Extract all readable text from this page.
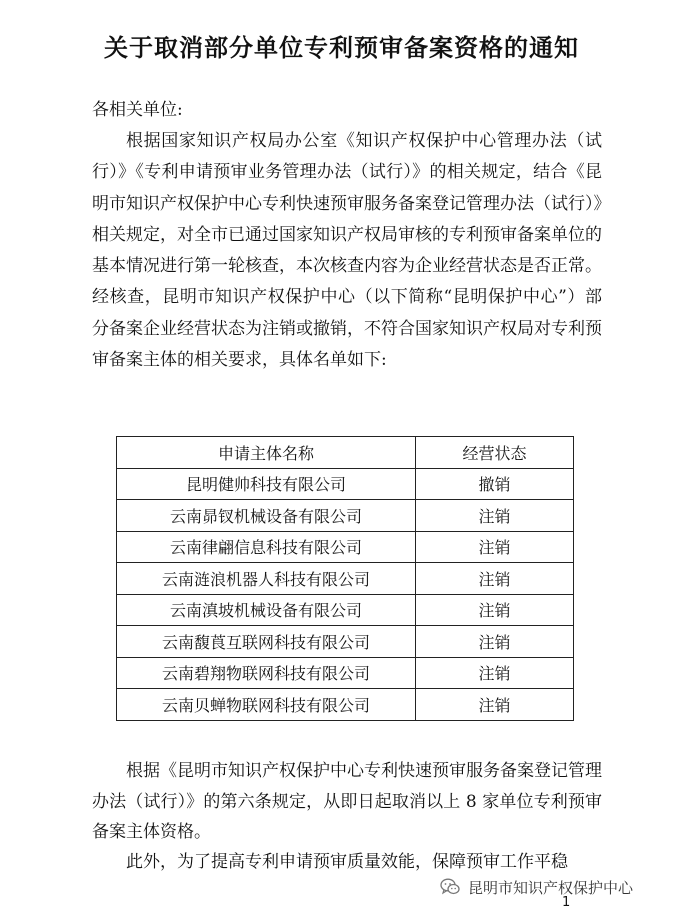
关于取消部分单位专利预审备案资格的通知

各相关单位:

根据国家知识产权局办公室《知识产权保护中心管理办法（试行）》《专利申请预审业务管理办法（试行）》的相关规定，结合《昆明市知识产权保护中心专利快速预审服务备案登记管理办法（试行）》相关规定，对全市已通过国家知识产权局审核的专利预审备案单位的基本情况进行第一轮核查，本次核查内容为企业经营状态是否正常。经核查，昆明市知识产权保护中心（以下简称“昆明保护中心”）部分备案企业经营状态为注销或撤销，不符合国家知识产权局对专利预审备案主体的相关要求，具体名单如下:

申请主体名称	经营状态
昆明健帅科技有限公司	撤销
云南昴钗机械设备有限公司	注销
云南律翩信息科技有限公司	注销
云南涟浪机器人科技有限公司	注销
云南滇坡机械设备有限公司	注销
云南馥莨互联网科技有限公司	注销
云南碧翔物联网科技有限公司	注销
云南贝蝉物联网科技有限公司	注销

根据《昆明市知识产权保护中心专利快速预审服务备案登记管理办法（试行）》的第六条规定，从即日起取消以上 8 家单位专利预审备案主体资格。

此外，为了提高专利申请预审质量效能，保障预审工作平稳

昆明市知识产权保护中心
1
